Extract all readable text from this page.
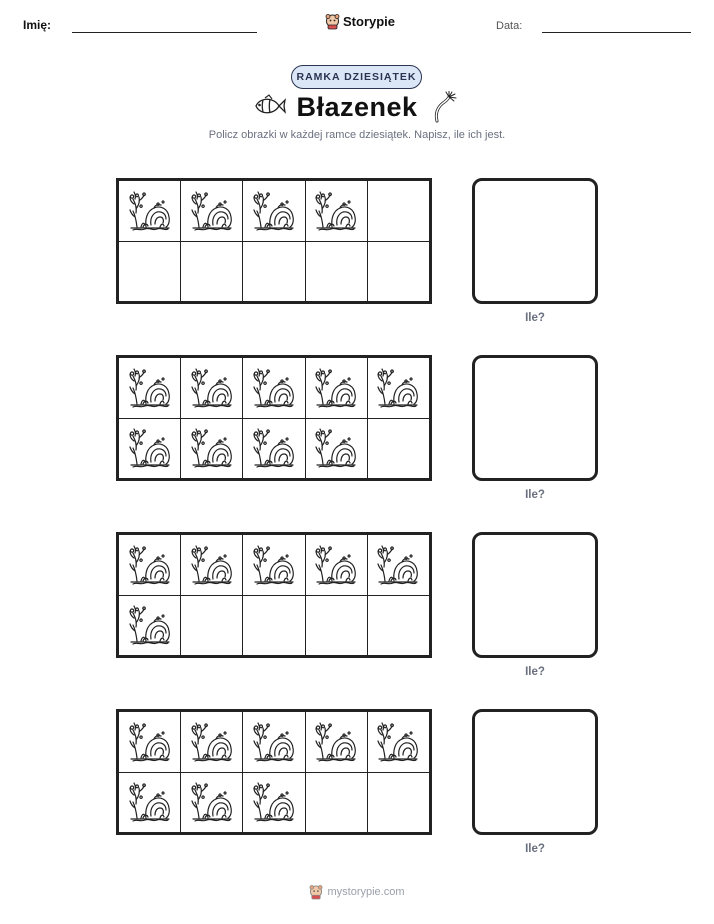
Imię:	Storypie	Data:
RAMKA DZIESIĄTEK
Błazenek
Policz obrazki w każdej ramce dziesiątek. Napisz, ile ich jest.
Ile?
Ile?
Ile?
Ile?
mystorypie.com
